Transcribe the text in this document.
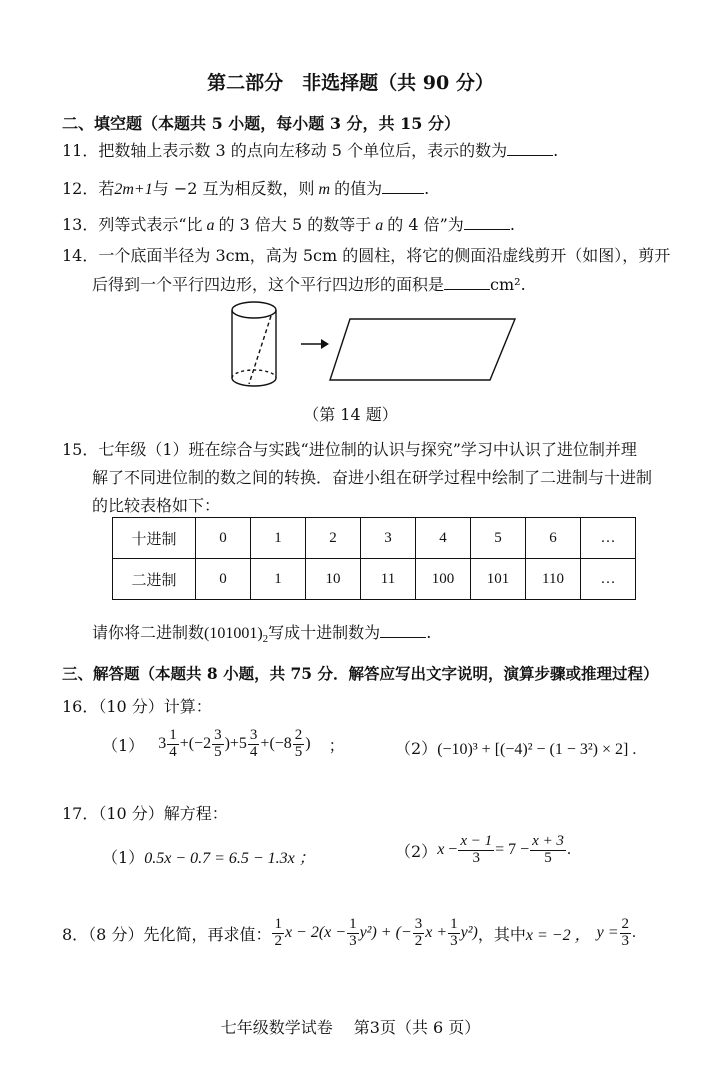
第二部分　非选择题（共 90 分）
二、填空题（本题共 5 小题，每小题 3 分，共 15 分）
11．把数轴上表示数 3 的点向左移动 5 个单位后，表示的数为	.
12．若2m+1与 −2 互为相反数，则 m 的值为	.
13．列等式表示“比 a 的 3 倍大 5 的数等于 a 的 4 倍”为	.
14．一个底面半径为 3cm，高为 5cm 的圆柱，将它的侧面沿虚线剪开（如图），剪开
后得到一个平行四边形，这个平行四边形的面积是	cm².
（第 14 题）
15．七年级（1）班在综合与实践“进位制的认识与探究”学习中认识了进位制并理
解了不同进位制的数之间的转换．奋进小组在研学过程中绘制了二进制与十进制
的比较表格如下：
十进制	0	1	2	3	4	5	6	…
二进制	0	1	10	11	100	101	110	…
请你将二进制数$(101001)_2$写成十进制数为	.
三、解答题（本题共 8 小题，共 75 分．解答应写出文字说明，演算步骤或推理过程）
16．（10 分）计算：
（1） $3 \frac{1}{4} +(-2 \frac{3}{5} )+5 \frac{3}{4} +(-8 \frac{2}{5}$ ) ；	（2）(−10)³ + [(−4)² − (1 − 3²) × 2] .
17．（10 分）解方程：
（1）0.5x − 0.7 = 6.5 − 1.3x ；	（2） $x - \frac{x - 1}{3} = 7 - \frac{x + 3}{5}$ .
8．（8 分）先化简，再求值： $\frac{1}{2}$ $x - 2(x - \frac{1}{3} y^2)$ + (− $\frac{3}{2}$ $x + \frac{1}{3} y^2$) ，其中 x = −2 ， $y = \frac{2}{3}$ .
七年级数学试卷　 第3页（共 6 页）
